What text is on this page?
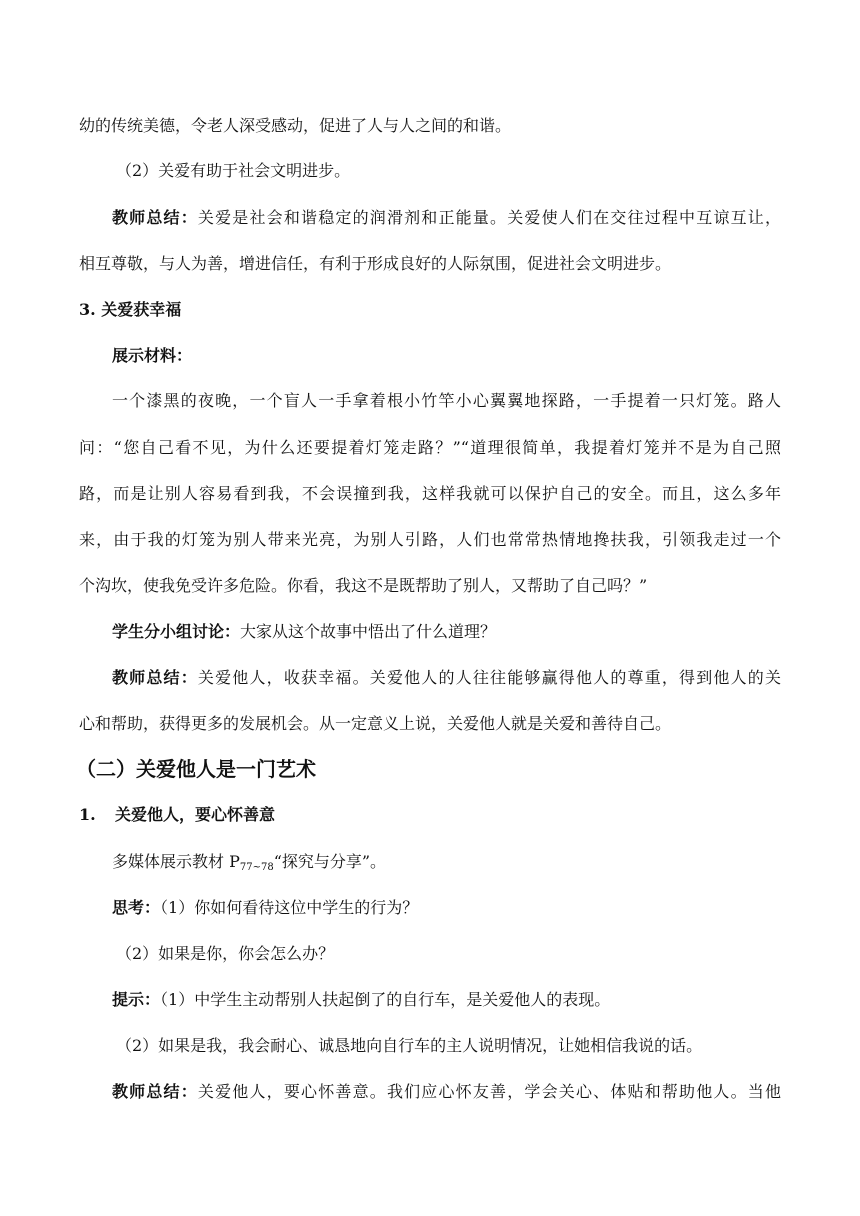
幼的传统美德，令老人深受感动，促进了人与人之间的和谐。
（2）关爱有助于社会文明进步。
教师总结：关爱是社会和谐稳定的润滑剂和正能量。关爱使人们在交往过程中互谅互让，
相互尊敬，与人为善，增进信任，有利于形成良好的人际氛围，促进社会文明进步。
3. 关爱获幸福
展示材料：
一个漆黑的夜晚，一个盲人一手拿着根小竹竿小心翼翼地探路，一手提着一只灯笼。路人
问：“您自己看不见，为什么还要提着灯笼走路？”“道理很简单，我提着灯笼并不是为自己照
路，而是让别人容易看到我，不会误撞到我，这样我就可以保护自己的安全。而且，这么多年
来，由于我的灯笼为别人带来光亮，为别人引路，人们也常常热情地搀扶我，引领我走过一个
个沟坎，使我免受许多危险。你看，我这不是既帮助了别人，又帮助了自己吗？”
学生分小组讨论：大家从这个故事中悟出了什么道理？
教师总结：关爱他人，收获幸福。关爱他人的人往往能够赢得他人的尊重，得到他人的关
心和帮助，获得更多的发展机会。从一定意义上说，关爱他人就是关爱和善待自己。
（二）关爱他人是一门艺术
1. 关爱他人，要心怀善意
多媒体展示教材 $P_{77\sim 78}“$探究与分享”。
思考：（1）你如何看待这位中学生的行为？
（2）如果是你，你会怎么办？
提示：（1）中学生主动帮别人扶起倒了的自行车，是关爱他人的表现。
（2）如果是我，我会耐心、诚恳地向自行车的主人说明情况，让她相信我说的话。
教师总结：关爱他人，要心怀善意。我们应心怀友善，学会关心、体贴和帮助他人。当他
